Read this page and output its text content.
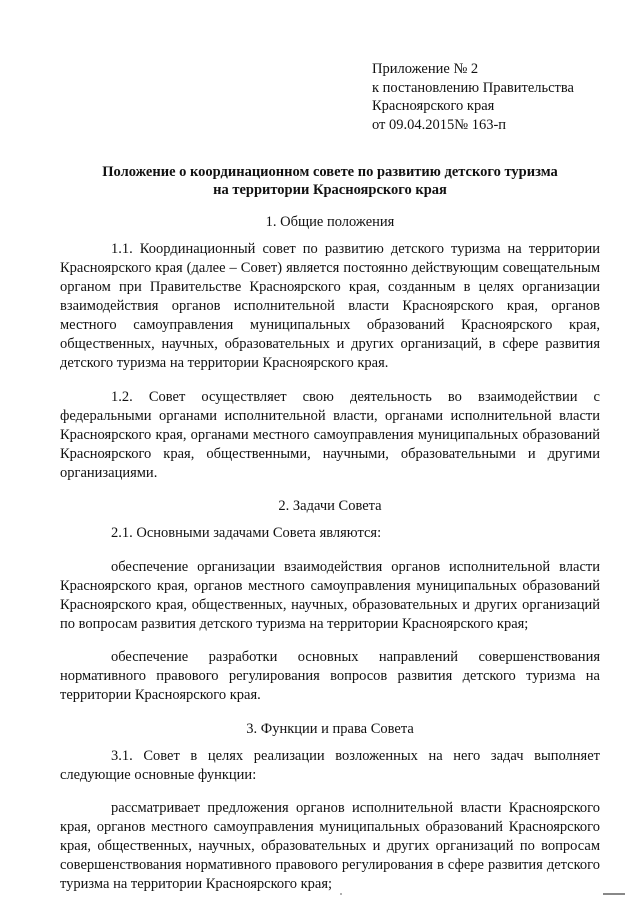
Приложение № 2
к постановлению Правительства
Красноярского края
от 09.04.2015№ 163-п
Положение о координационном совете по развитию детского туризма
на территории Красноярского края
1. Общие положения

1.1. Координационный совет по развитию детского туризма на территории Красноярского края (далее – Совет) является постоянно действующим совещательным органом при Правительстве Красноярского края, созданным в целях организации взаимодействия органов исполнительной власти Красноярского края, органов местного самоуправления муниципальных образований Красноярского края, общественных, научных, образовательных и других организаций, в сфере развития детского туризма на территории Красноярского края.

1.2. Совет осуществляет свою деятельность во взаимодействии с федеральными органами исполнительной власти, органами исполнительной власти Красноярского края, органами местного самоуправления муниципальных образований Красноярского края, общественными, научными, образовательными и другими организациями.

2. Задачи Совета

2.1. Основными задачами Совета являются:

обеспечение организации взаимодействия органов исполнительной власти Красноярского края, органов местного самоуправления муниципальных образований Красноярского края, общественных, научных, образовательных и других организаций по вопросам развития детского туризма на территории Красноярского края;

обеспечение разработки основных направлений совершенствования нормативного правового регулирования вопросов развития детского туризма на территории Красноярского края.

3. Функции и права Совета

3.1. Совет в целях реализации возложенных на него задач выполняет следующие основные функции:

рассматривает предложения органов исполнительной власти Красноярского края, органов местного самоуправления муниципальных образований Красноярского края, общественных, научных, образовательных и других организаций по вопросам совершенствования нормативного правового регулирования в сфере развития детского туризма на территории Красноярского края;
